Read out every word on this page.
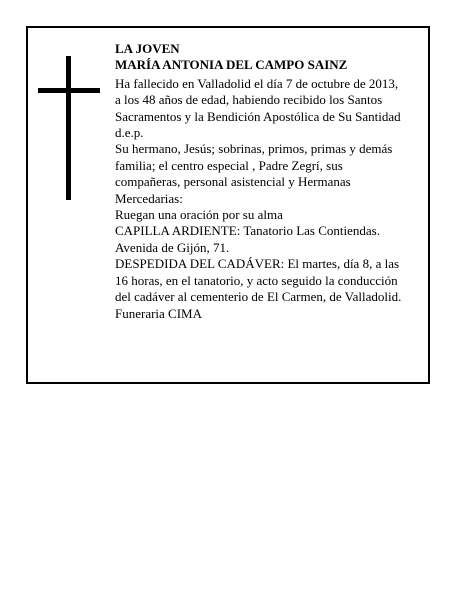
LA JOVEN
MARÍA ANTONIA DEL CAMPO SAINZ
Ha fallecido en Valladolid el día 7 de octubre de 2013,
a los 48 años de edad, habiendo recibido los Santos
Sacramentos y la Bendición Apostólica de Su Santidad
d.e.p.
Su hermano, Jesús; sobrinas, primos, primas y demás
familia; el centro especial , Padre Zegrí, sus
compañeras, personal asistencial y Hermanas
Mercedarias:
Ruegan una oración por su alma
CAPILLA ARDIENTE: Tanatorio Las Contiendas.
Avenida de Gijón, 71.
DESPEDIDA DEL CADÁVER: El martes, día 8, a las
16 horas, en el tanatorio, y acto seguido la conducción
del cadáver al cementerio de El Carmen, de Valladolid.
Funeraria CIMA
